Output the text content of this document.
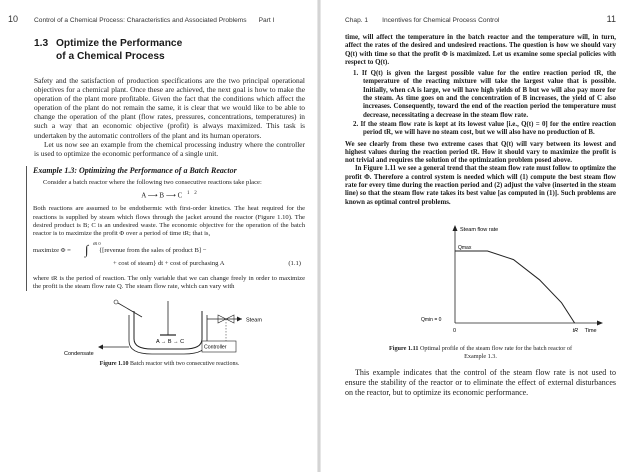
10 Control of a Chemical Process: Characteristics and Associated Problems Part I
1.3 Optimize the Performance
of a Chemical Process

Safety and the satisfaction of production specifications are the two principal operational objectives for a chemical plant. Once these are achieved, the next goal is how to make the operation of the plant more profitable. Given the fact that the conditions which affect the operation of the plant do not remain the same, it is clear that we would like to be able to change the operation of the plant (flow rates, pressures, concentrations, temperatures) in such a way that an economic objective (profit) is always maximized. This task is undertaken by the automatic controllers of the plant and its human operators.

Let us now see an example from the chemical processing industry where the controller is used to optimize the economic performance of a single unit.

Example 1.3: Optimizing the Performance of a Batch Reactor

Consider a batch reactor where the following two consecutive reactions take place:

A ⟶ B ⟶ C $^1$ $^2$

Both reactions are assumed to be endothermic with first-order kinetics. The heat required for the reactions is supplied by steam which flows through the jacket around the reactor (Figure 1.10). The desired product is B; C is an undesired waste. The economic objective for the operation of the batch reactor is to maximize the profit Φ over a period of time tR; that is,

maximize Φ = ∫ tR 0
{[revenue from the sales of product B] −
+ cost of steam} dt + cost of purchasing A	(1.1)

where tR is the period of reaction. The only variable that we can change freely in order to maximize the profit is the steam flow rate Q. The steam flow rate, which can vary with

Steam
Condensate
A → B → C
Controller
Figure 1.10 Batch reactor with two consecutive reactions.
Chap. 1 Incentives for Chemical Process Control	11

time, will affect the temperature in the batch reactor and the temperature will, in turn, affect the rates of the desired and undesired reactions. The question is how we should vary Q(t) with time so that the profit Φ is maximized. Let us examine some special policies with respect to Q(t).

1. If Q(t) is given the largest possible value for the entire reaction period tR, the temperature of the reacting mixture will take the largest value that is possible. Initially, when cA is large, we will have high yields of B but we will also pay more for the steam. As time goes on and the concentration of B increases, the yield of C also increases. Consequently, toward the end of the reaction period the temperature must decrease, necessitating a decrease in the steam flow rate.
2. If the steam flow rate is kept at its lowest value [i.e., Q(t) = 0] for the entire reaction period tR, we will have no steam cost, but we will also have no production of B.

We see clearly from these two extreme cases that Q(t) will vary between its lowest and highest values during the reaction period tR. How it should vary to maximize the profit is not trivial and requires the solution of the optimization problem posed above.

In Figure 1.11 we see a general trend that the steam flow rate must follow to optimize the profit Φ. Therefore a control system is needed which will (1) compute the best steam flow rate for every time during the reaction period and (2) adjust the valve (inserted in the steam line) so that the steam flow rate takes its best value [as computed in (1)]. Such problems are known as optimal control problems.

Steam flow rate
Time
Qmax
Qmin = 0
0	tR
Figure 1.11 Optimal profile of the steam flow rate for the batch reactor of Example 1.3.

This example indicates that the control of the steam flow rate is not used to ensure the stability of the reactor or to eliminate the effect of external disturbances on the reactor, but to optimize its economic performance.
